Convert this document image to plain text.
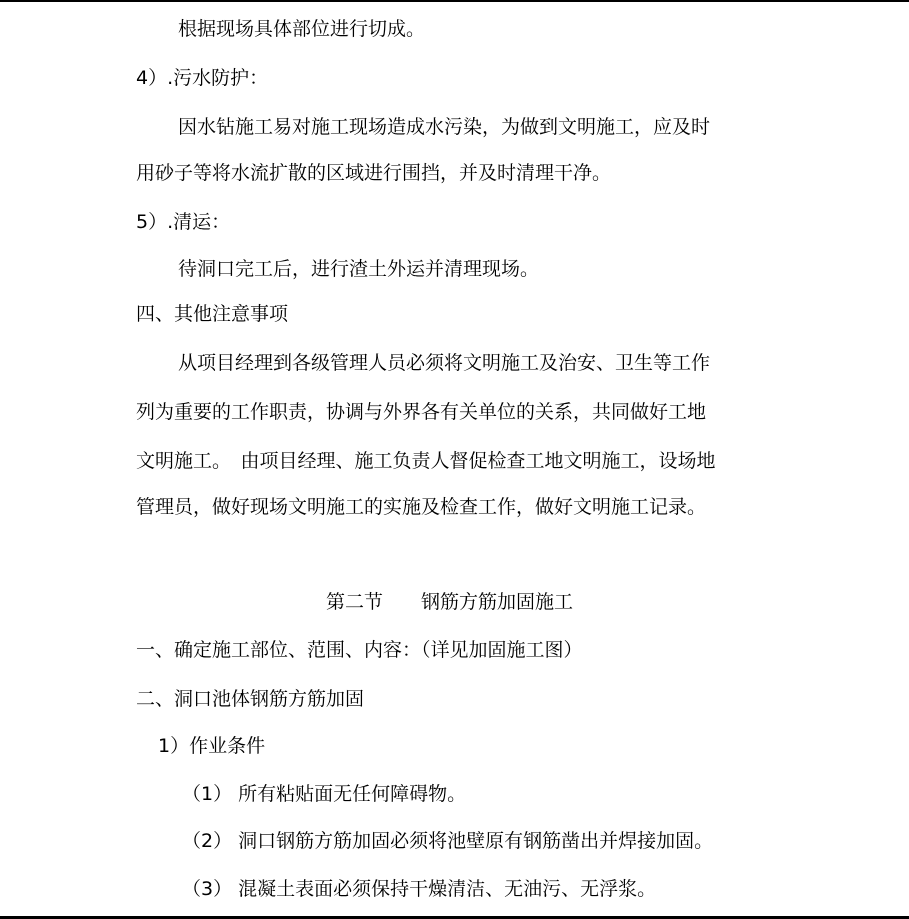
根据现场具体部位进行切成。
4）.污水防护：
因水钻施工易对施工现场造成水污染，为做到文明施工，应及时
用砂子等将水流扩散的区域进行围挡，并及时清理干净。
5）.清运：
待洞口完工后，进行渣土外运并清理现场。
四、其他注意事项
从项目经理到各级管理人员必须将文明施工及治安、卫生等工作
列为重要的工作职责，协调与外界各有关单位的关系，共同做好工地
文明施工。　由项目经理、施工负责人督促检查工地文明施工，设场地
管理员，做好现场文明施工的实施及检查工作，做好文明施工记录。
第二节　　钢筋方筋加固施工
一、确定施工部位、范围、内容：（详见加固施工图）
二、洞口池体钢筋方筋加固
1）作业条件
（1） 所有粘贴面无任何障碍物。
（2） 洞口钢筋方筋加固必须将池壁原有钢筋凿出并焊接加固。
（3） 混凝土表面必须保持干燥清洁、无油污、无浮浆。
